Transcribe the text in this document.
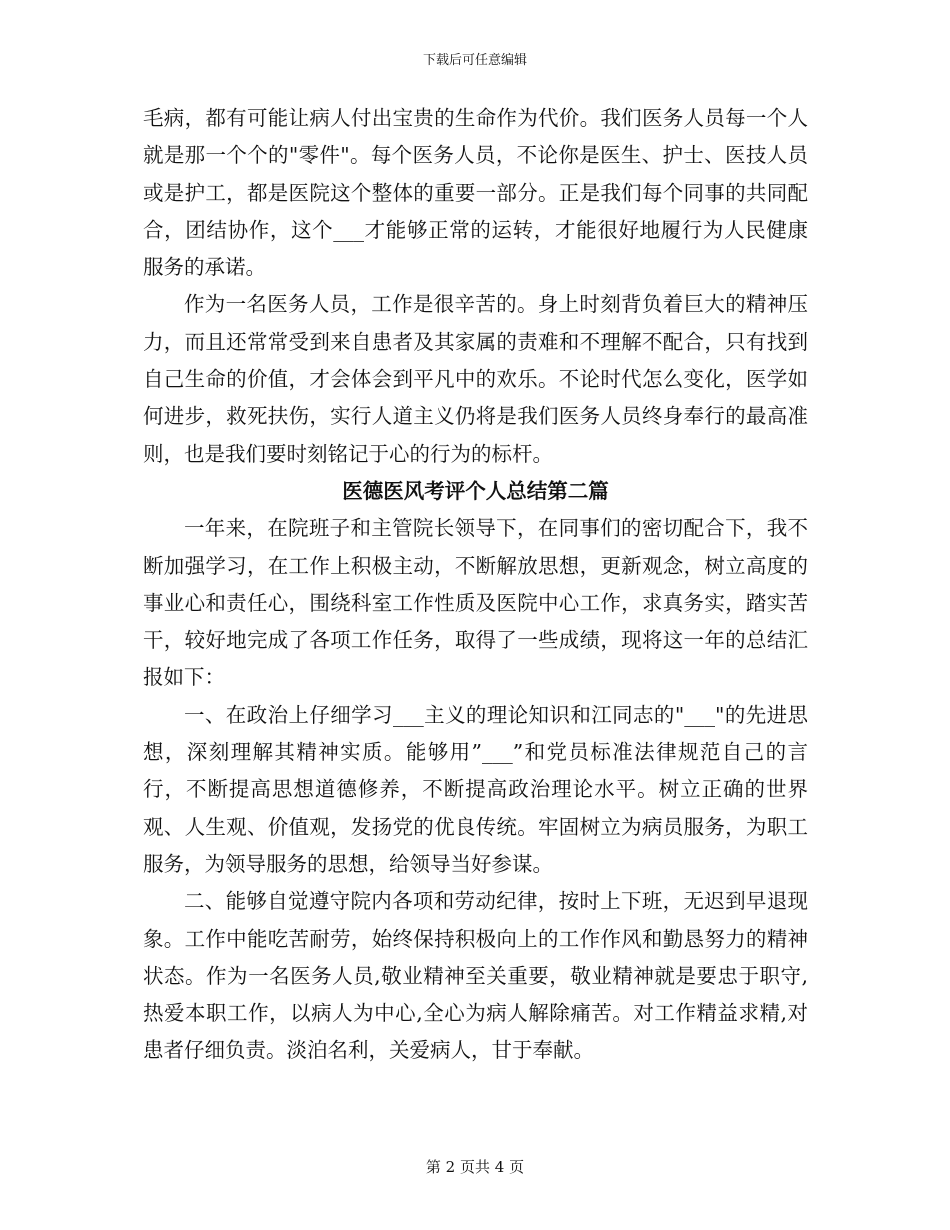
下载后可任意编辑

毛病，都有可能让病人付出宝贵的生命作为代价。我们医务人员每一个人就是那一个个的"零件"。每个医务人员，不论你是医生、护士、医技人员或是护工，都是医院这个整体的重要一部分。正是我们每个同事的共同配合，团结协作，这个___才能够正常的运转，才能很好地履行为人民健康服务的承诺。

作为一名医务人员，工作是很辛苦的。身上时刻背负着巨大的精神压力，而且还常常受到来自患者及其家属的责难和不理解不配合，只有找到自己生命的价值，才会体会到平凡中的欢乐。不论时代怎么变化，医学如何进步，救死扶伤，实行人道主义仍将是我们医务人员终身奉行的最高准则，也是我们要时刻铭记于心的行为的标杆。

医德医风考评个人总结第二篇

一年来，在院班子和主管院长领导下，在同事们的密切配合下，我不断加强学习，在工作上积极主动，不断解放思想，更新观念，树立高度的事业心和责任心，围绕科室工作性质及医院中心工作，求真务实，踏实苦干，较好地完成了各项工作任务，取得了一些成绩，现将这一年的总结汇报如下：

一、在政治上仔细学习___主义的理论知识和江同志的"___"的先进思想，深刻理解其精神实质。能够用”___”和党员标准法律规范自己的言行，不断提高思想道德修养，不断提高政治理论水平。树立正确的世界观、人生观、价值观，发扬党的优良传统。牢固树立为病员服务，为职工服务，为领导服务的思想，给领导当好参谋。

二、能够自觉遵守院内各项和劳动纪律，按时上下班，无迟到早退现象。工作中能吃苦耐劳，始终保持积极向上的工作作风和勤恳努力的精神状态。作为一名医务人员,敬业精神至关重要，敬业精神就是要忠于职守,热爱本职工作，以病人为中心,全心为病人解除痛苦。对工作精益求精,对患者仔细负责。淡泊名利，关爱病人，甘于奉献。

第 2 页共 4 页
